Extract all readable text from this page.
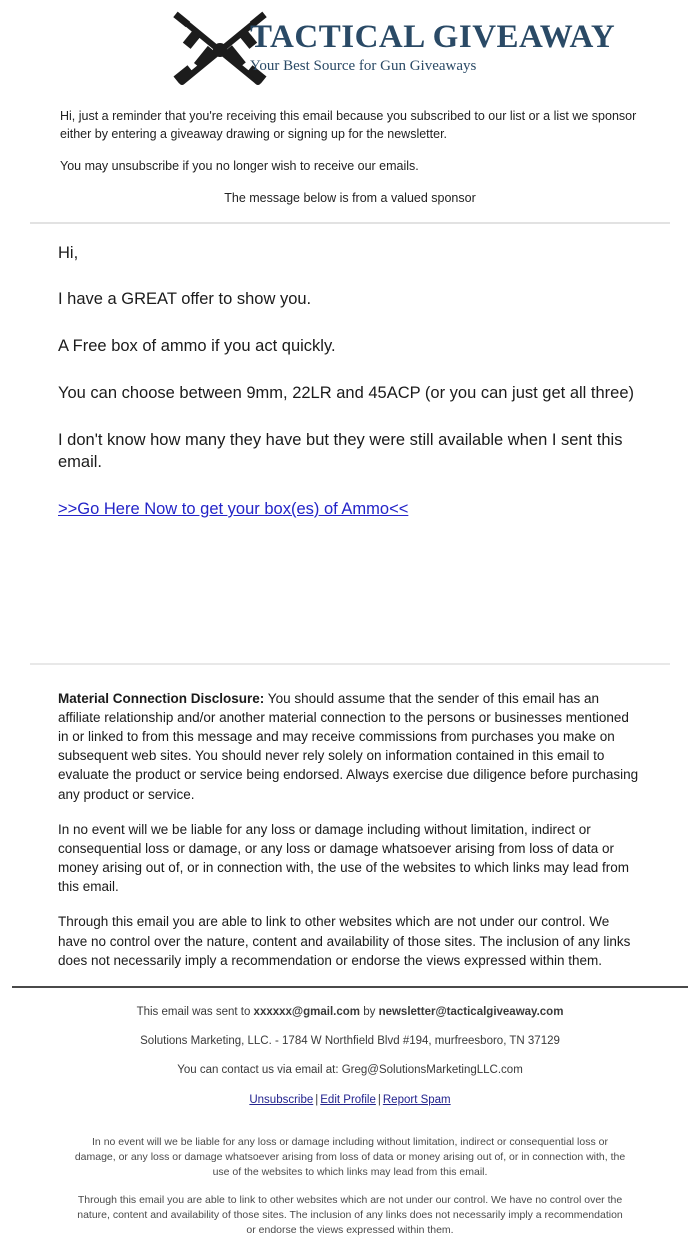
TACTICAL GIVEAWAY
Your Best Source for Gun Giveaways

Hi, just a reminder that you're receiving this email because you subscribed to our list or a list we sponsor either by entering a giveaway drawing or signing up for the newsletter.

You may unsubscribe if you no longer wish to receive our emails.

The message below is from a valued sponsor

Hi,

I have a GREAT offer to show you.

A Free box of ammo if you act quickly.

You can choose between 9mm, 22LR and 45ACP (or you can just get all three)

I don't know how many they have but they were still available when I sent this email.

>>Go Here Now to get your box(es) of Ammo<<

Material Connection Disclosure: You should assume that the sender of this email has an affiliate relationship and/or another material connection to the persons or businesses mentioned in or linked to from this message and may receive commissions from purchases you make on subsequent web sites. You should never rely solely on information contained in this email to evaluate the product or service being endorsed. Always exercise due diligence before purchasing any product or service.

In no event will we be liable for any loss or damage including without limitation, indirect or consequential loss or damage, or any loss or damage whatsoever arising from loss of data or money arising out of, or in connection with, the use of the websites to which links may lead from this email.

Through this email you are able to link to other websites which are not under our control. We have no control over the nature, content and availability of those sites. The inclusion of any links does not necessarily imply a recommendation or endorse the views expressed within them.

This email was sent to xxxxxx@gmail.com by newsletter@tacticalgiveaway.com

Solutions Marketing, LLC. - 1784 W Northfield Blvd #194, murfreesboro, TN 37129

You can contact us via email at: Greg@SolutionsMarketingLLC.com

Unsubscribe | Edit Profile | Report Spam

In no event will we be liable for any loss or damage including without limitation, indirect or consequential loss or damage, or any loss or damage whatsoever arising from loss of data or money arising out of, or in connection with, the use of the websites to which links may lead from this email.

Through this email you are able to link to other websites which are not under our control. We have no control over the nature, content and availability of those sites. The inclusion of any links does not necessarily imply a recommendation or endorse the views expressed within them.
